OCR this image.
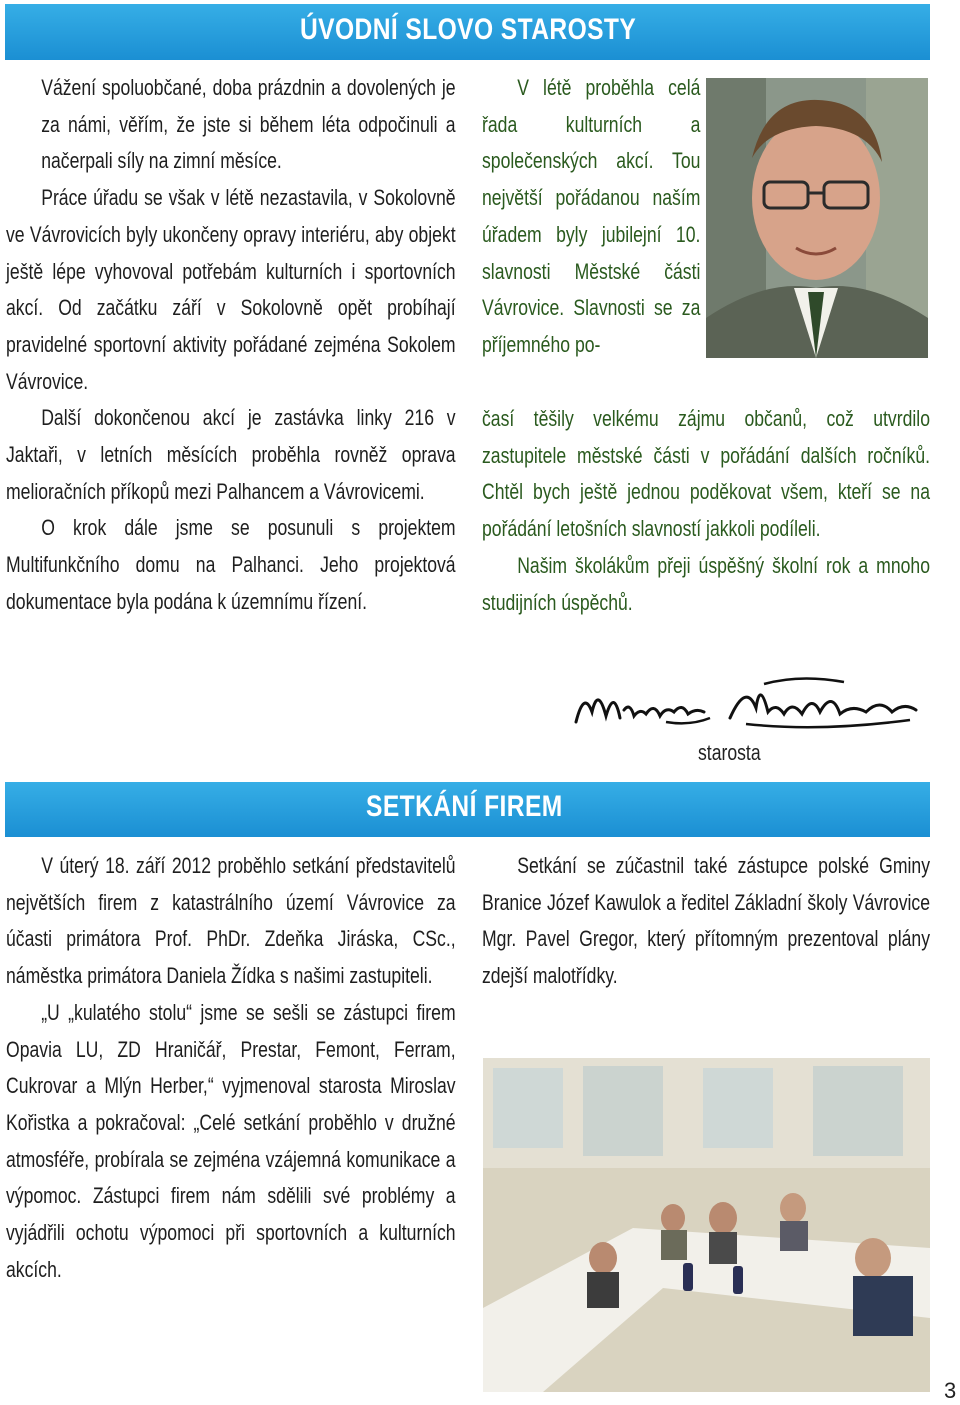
ÚVODNÍ SLOVO STAROSTY

Vážení spoluobčané, doba prázdnin a dovolených je za námi, věřím, že jste si během léta odpočinuli a načerpali síly na zimní měsíce.

Práce úřadu se však v létě nezastavila, v Sokolovně ve Vávrovicích byly ukončeny opravy interiéru, aby objekt ještě lépe vyhovoval potřebám kulturních i sportovních akcí. Od začátku září v Sokolovně opět probíhají pravidelné sportovní aktivity pořádané zejména Sokolem Vávrovice.

Další dokončenou akcí je zastávka linky 216 v Jaktaři, v letních měsících proběhla rovněž oprava melioračních příkopů mezi Palhancem a Vávrovicemi.

O krok dále jsme se posunuli s projektem Multifunkčního domu na Palhanci. Jeho projektová dokumentace byla podána k územnímu řízení.

V létě proběhla celá řada kulturních a společenských akcí. Tou největší pořádanou naším úřadem byly jubilejní 10. slavnosti Městské části Vávrovice. Slavnosti se za příjemného po-

časí těšily velkému zájmu občanů, což utvrdilo zastupitele městské části v pořádání dalších ročníků. Chtěl bych ještě jednou poděkovat všem, kteří se na pořádání letošních slavností jakkoli podíleli.

Našim školákům přeji úspěšný školní rok a mnoho studijních úspěchů.

starosta
SETKÁNÍ FIREM

V úterý 18. září 2012 proběhlo setkání představitelů největších firem z katastrálního území Vávrovice za účasti primátora Prof. PhDr. Zdeňka Jiráska, CSc., náměstka primátora Daniela Žídka s našimi zastupiteli.

„U „kulatého stolu“ jsme se sešli se zástupci firem Opavia LU, ZD Hraničář, Prestar, Femont, Ferram, Cukrovar a Mlýn Herber,“ vyjmenoval starosta Miroslav Kořistka a pokračoval: „Celé setkání proběhlo v družné atmosféře, probírala se zejména vzájemná komunikace a výpomoc. Zástupci firem nám sdělili své problémy a vyjádřili ochotu výpomoci při sportovních a kulturních akcích.

Setkání se zúčastnil také zástupce polské Gminy Branice Józef Kawulok a ředitel Základní školy Vávrovice Mgr. Pavel Gregor, který přítomným prezentoval plány zdejší malotřídky.

3
